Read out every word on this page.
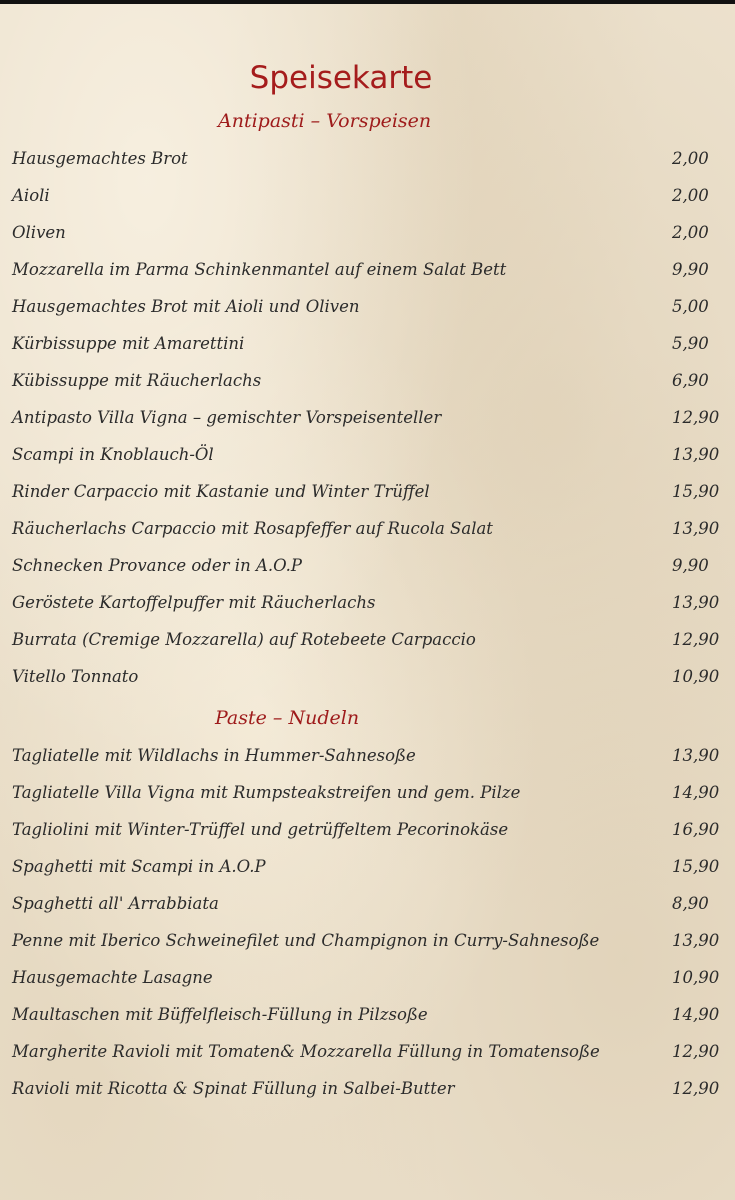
Speisekarte
Antipasti – Vorspeisen
Hausgemachtes Brot	2,00
Aioli	2,00
Oliven	2,00
Mozzarella im Parma Schinkenmantel auf einem Salat Bett	9,90
Hausgemachtes Brot mit Aioli und Oliven	5,00
Kürbissuppe mit Amarettini	5,90
Kübissuppe mit Räucherlachs	6,90
Antipasto Villa Vigna – gemischter Vorspeisenteller	12,90
Scampi in Knoblauch-Öl	13,90
Rinder Carpaccio mit Kastanie und Winter Trüffel	15,90
Räucherlachs Carpaccio mit Rosapfeffer auf Rucola Salat	13,90
Schnecken Provance oder in A.O.P	9,90
Geröstete Kartoffelpuffer mit Räucherlachs	13,90
Burrata (Cremige Mozzarella) auf Rotebeete Carpaccio	12,90
Vitello Tonnato	10,90
Paste – Nudeln
Tagliatelle mit Wildlachs in Hummer-Sahnesoße	13,90
Tagliatelle Villa Vigna mit Rumpsteakstreifen und gem. Pilze	14,90
Tagliolini mit Winter-Trüffel und getrüffeltem Pecorinokäse	16,90
Spaghetti mit Scampi in A.O.P	15,90
Spaghetti all' Arrabbiata	8,90
Penne mit Iberico Schweinefilet und Champignon in Curry-Sahnesoße	13,90
Hausgemachte Lasagne	10,90
Maultaschen mit Büffelfleisch-Füllung in Pilzsoße	14,90
Margherite Ravioli mit Tomaten& Mozzarella Füllung in Tomatensoße	12,90
Ravioli mit Ricotta & Spinat Füllung in Salbei-Butter	12,90
